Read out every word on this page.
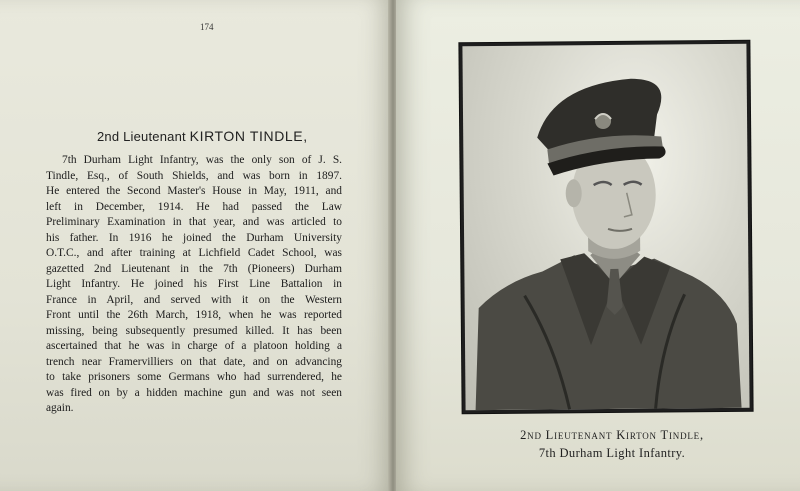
174
2nd Lieutenant KIRTON TINDLE,
7th Durham Light Infantry, was the only son of J. S.
Tindle, Esq., of South Shields, and was born in 1897.
He entered the Second Master's House in May, 1911, and
left in December, 1914. He had passed the Law
Preliminary Examination in that year, and was articled to
his father. In 1916 he joined the Durham University
O.T.C., and after training at Lichfield Cadet School, was
gazetted 2nd Lieutenant in the 7th (Pioneers) Durham
Light Infantry. He joined his First Line Battalion in
France in April, and served with it on the Western
Front until the 26th March, 1918, when he was reported
missing, being subsequently presumed killed. It has been
ascertained that he was in charge of a platoon holding a
trench near Framervilliers on that date, and on advancing
to take prisoners some Germans who had surrendered, he
was fired on by a hidden machine gun and was not seen
again.
2nd Lieutenant Kirton Tindle,
7th Durham Light Infantry.
